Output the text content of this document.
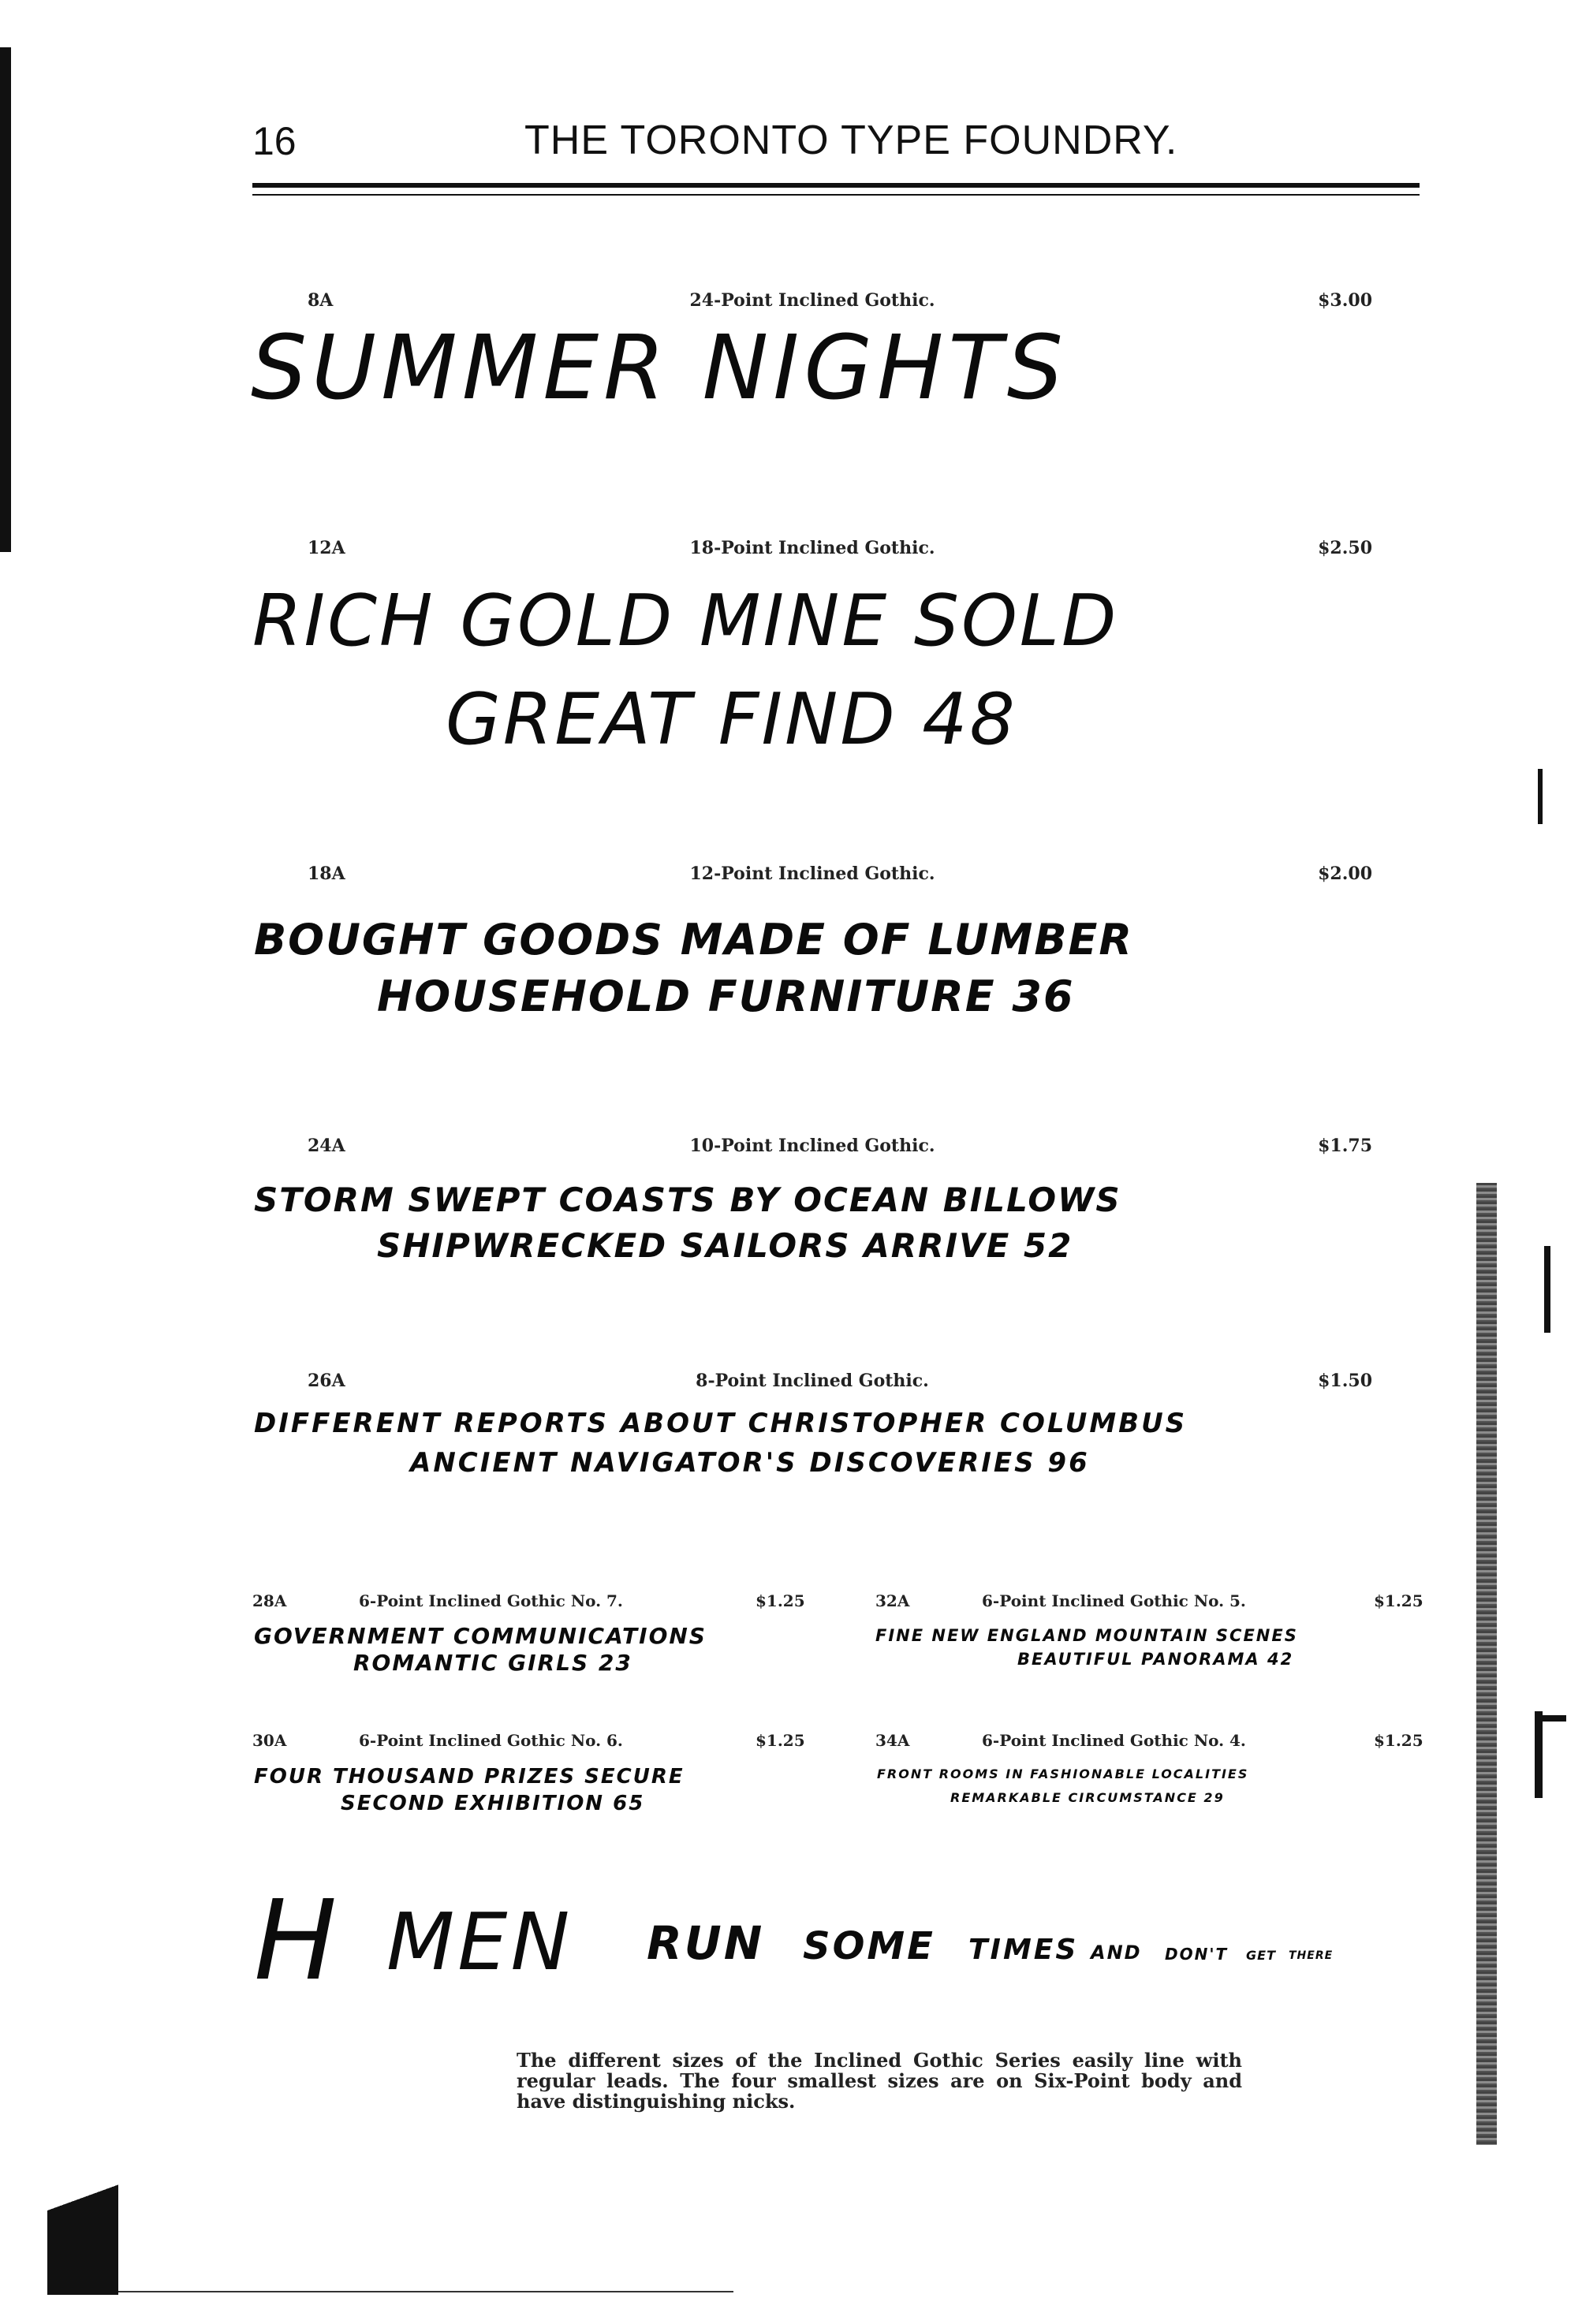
16	THE TORONTO TYPE FOUNDRY.
8A	24-Point Inclined Gothic.	$3.00
SUMMER NIGHTS
12A	18-Point Inclined Gothic.	$2.50
RICH GOLD MINE SOLD
GREAT FIND 48
18A	12-Point Inclined Gothic.	$2.00
BOUGHT GOODS MADE OF LUMBER
HOUSEHOLD FURNITURE 36
24A	10-Point Inclined Gothic.	$1.75
STORM SWEPT COASTS BY OCEAN BILLOWS
SHIPWRECKED SAILORS ARRIVE 52
26A	8-Point Inclined Gothic.	$1.50
DIFFERENT REPORTS ABOUT CHRISTOPHER COLUMBUS
ANCIENT NAVIGATOR'S DISCOVERIES 96
28A	6-Point Inclined Gothic No. 7.	$1.25
GOVERNMENT COMMUNICATIONS
ROMANTIC GIRLS 23
30A	6-Point Inclined Gothic No. 6.	$1.25
FOUR THOUSAND PRIZES SECURE
SECOND EXHIBITION 65
32A	6-Point Inclined Gothic No. 5.	$1.25
FINE NEW ENGLAND MOUNTAIN SCENES
BEAUTIFUL PANORAMA 42
34A	6-Point Inclined Gothic No. 4.	$1.25
FRONT ROOMS IN FASHIONABLE LOCALITIES
REMARKABLE CIRCUMSTANCE 29
H MEN RUN SOME TIMES AND DON'T GET THERE
The different sizes of the Inclined Gothic Series easily line with regular leads. The four smallest sizes are on Six-Point body and have distinguishing nicks.
